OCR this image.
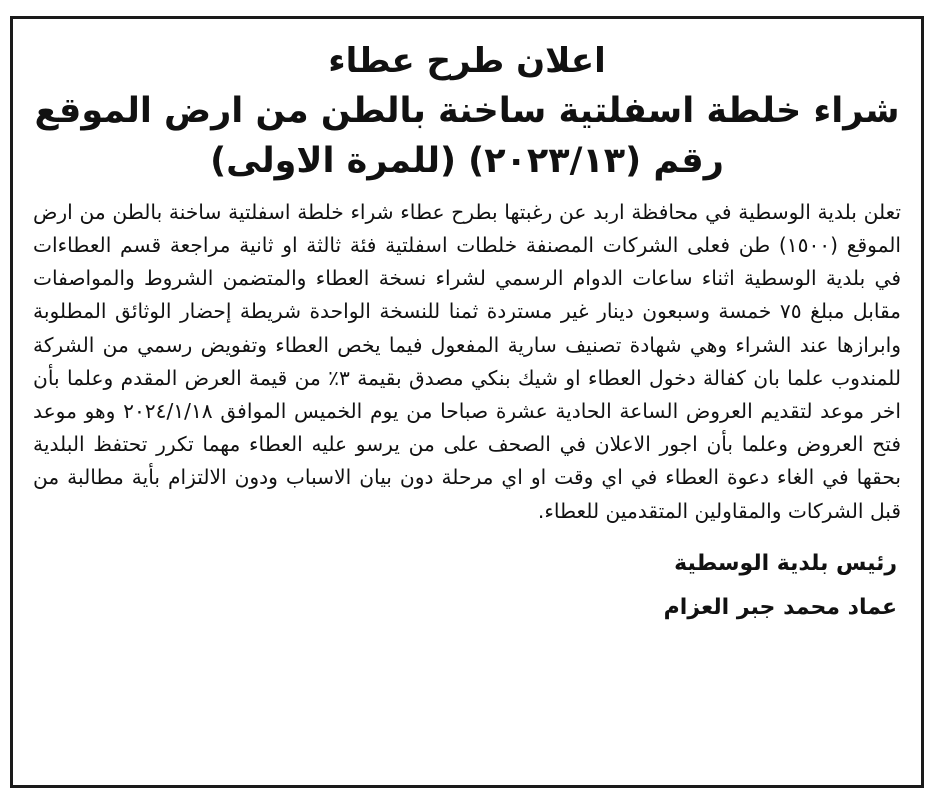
اعلان طرح عطاء

شراء خلطة اسفلتية ساخنة بالطن من ارض الموقع

رقم (٢٠٢٣/١٣) (للمرة الاولى)

تعلن بلدية الوسطية في محافظة اربد عن رغبتها بطرح عطاء شراء خلطة اسفلتية ساخنة بالطن من ارض الموقع (١٥٠٠) طن فعلى الشركات المصنفة خلطات اسفلتية فئة ثالثة او ثانية مراجعة قسم العطاءات في بلدية الوسطية اثناء ساعات الدوام الرسمي لشراء نسخة العطاء والمتضمن الشروط والمواصفات مقابل مبلغ ٧٥ خمسة وسبعون دينار غير مستردة ثمنا للنسخة الواحدة شريطة إحضار الوثائق المطلوبة وابرازها عند الشراء وهي شهادة تصنيف سارية المفعول فيما يخص العطاء وتفويض رسمي من الشركة للمندوب علما بان كفالة دخول العطاء او شيك بنكي مصدق بقيمة ٣٪ من قيمة العرض المقدم وعلما بأن اخر موعد لتقديم العروض الساعة الحادية عشرة صباحا من يوم الخميس الموافق ٢٠٢٤/١/١٨ وهو موعد فتح العروض وعلما بأن اجور الاعلان في الصحف على من يرسو عليه العطاء مهما تكرر تحتفظ البلدية بحقها في الغاء دعوة العطاء في اي وقت او اي مرحلة دون بيان الاسباب ودون الالتزام بأية مطالبة من قبل الشركات والمقاولين المتقدمين للعطاء.

رئيس بلدية الوسطية

عماد محمد جبر العزام
